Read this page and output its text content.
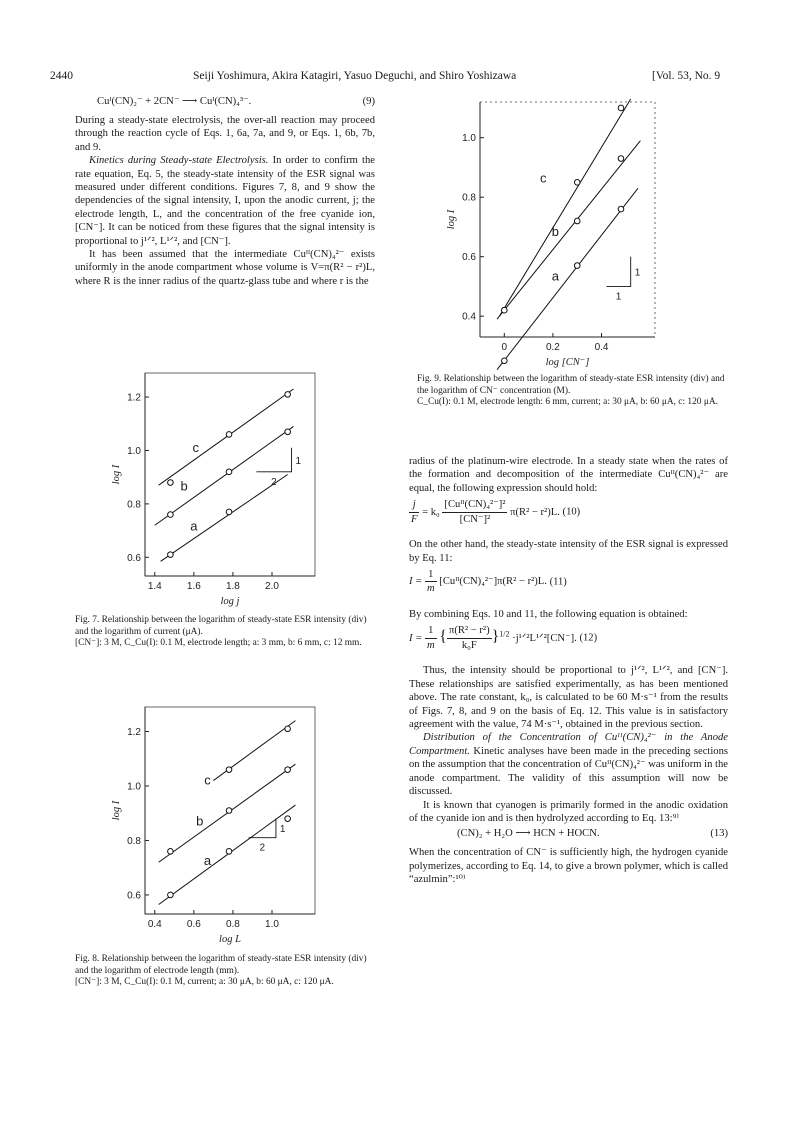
2440	Seiji Yoshimura, Akira Katagiri, Yasuo Deguchi, and Shiro Yoshizawa	[Vol. 53, No. 9
Cuᴵ(CN)₂⁻ + 2CN⁻ ⟶ Cuᴵ(CN)₄³⁻.	(9)

During a steady-state electrolysis, the over-all reaction may proceed through the reaction cycle of Eqs. 1, 6a, 7a, and 9, or Eqs. 1, 6b, 7b, and 9.

Kinetics during Steady-state Electrolysis. In order to confirm the rate equation, Eq. 5, the steady-state intensity of the ESR signal was measured under different conditions. Figures 7, 8, and 9 show the dependencies of the signal intensity, I, upon the anodic current, j; the electrode length, L, and the concentration of the free cyanide ion, [CN⁻]. It can be noticed from these figures that the signal intensity is proportional to j¹ᐟ², L¹ᐟ², and [CN⁻].

It has been assumed that the intermediate Cuᴵᴵ(CN)₄²⁻ exists uniformly in the anode compartment whose volume is V=π(R² − r²)L, where R is the inner radius of the quartz-glass tube and where r is the

1.4	1.6	1.8	2.0
0.6
0.8
1.0
1.2
log j
log I
a
b
c
1
2

Fig. 7. Relationship between the logarithm of steady-state ESR intensity (div) and the logarithm of current (μA).

[CN⁻]: 3 M, C_Cu(I): 0.1 M, electrode length; a: 3 mm, b: 6 mm, c: 12 mm.

0.4	0.6	0.8	1.0
0.6
0.8
1.0
1.2
log L
log I
a
b
c
1
2

Fig. 8. Relationship between the logarithm of steady-state ESR intensity (div) and the logarithm of electrode length (mm).

[CN⁻]: 3 M, C_Cu(I): 0.1 M, current; a: 30 μA, b: 60 μA, c: 120 μA.

0	0.2	0.4
0.4
0.6
0.8
1.0
log [CN⁻]
log I
a
b
c
1
1

Fig. 9. Relationship between the logarithm of steady-state ESR intensity (div) and the logarithm of CN⁻ concentration (M).

C_Cu(I): 0.1 M, electrode length: 6 mm, current; a: 30 μA, b: 60 μA, c: 120 μA.

radius of the platinum-wire electrode. In a steady state when the rates of the formation and decomposition of the intermediate Cuᴵᴵ(CN)₄²⁻ are equal, the following expression should hold:

$\frac{j}{F} = k_0 \frac{\text{[Cuᴵᴵ(CN)₄²⁻]²}}{\text{[CN⁻]²}} \pi(R^2 - r^2)L$. (10)

On the other hand, the steady-state intensity of the ESR signal is expressed by Eq. 11:

$I = \frac{1}{m}$ [Cuᴵᴵ(CN)₄²⁻]π(R² − r²)L. (11)

By combining Eqs. 10 and 11, the following equation is obtained:

$I = \frac{1}{m}$ { $\frac{\text{π(R² − r²)}}{\text{k₀F}} \}^{1/2}$ ·j¹ᐟ²L¹ᐟ²[CN⁻]. (12)

Thus, the intensity should be proportional to j¹ᐟ², L¹ᐟ², and [CN⁻]. These relationships are satisfied experimentally, as has been mentioned above. The rate constant, k₀, is calculated to be 60 M·s⁻¹ from the results of Figs. 7, 8, and 9 on the basis of Eq. 12. This value is in satisfactory agreement with the value, 74 M·s⁻¹, obtained in the previous section.

Distribution of the Concentration of Cuᴵᴵ(CN)₄²⁻ in the Anode Compartment. Kinetic analyses have been made in the preceding sections on the assumption that the concentration of Cuᴵᴵ(CN)₄²⁻ was uniform in the anode compartment. The validity of this assumption will now be discussed.

It is known that cyanogen is primarily formed in the anodic oxidation of the cyanide ion and is then hydrolyzed according to Eq. 13:⁹⁾

(CN)₂ + H₂O ⟶ HCN + HOCN.	(13)

When the concentration of CN⁻ is sufficiently high, the hydrogen cyanide polymerizes, according to Eq. 14, to give a brown polymer, which is called “azulmin”:¹⁰⁾
